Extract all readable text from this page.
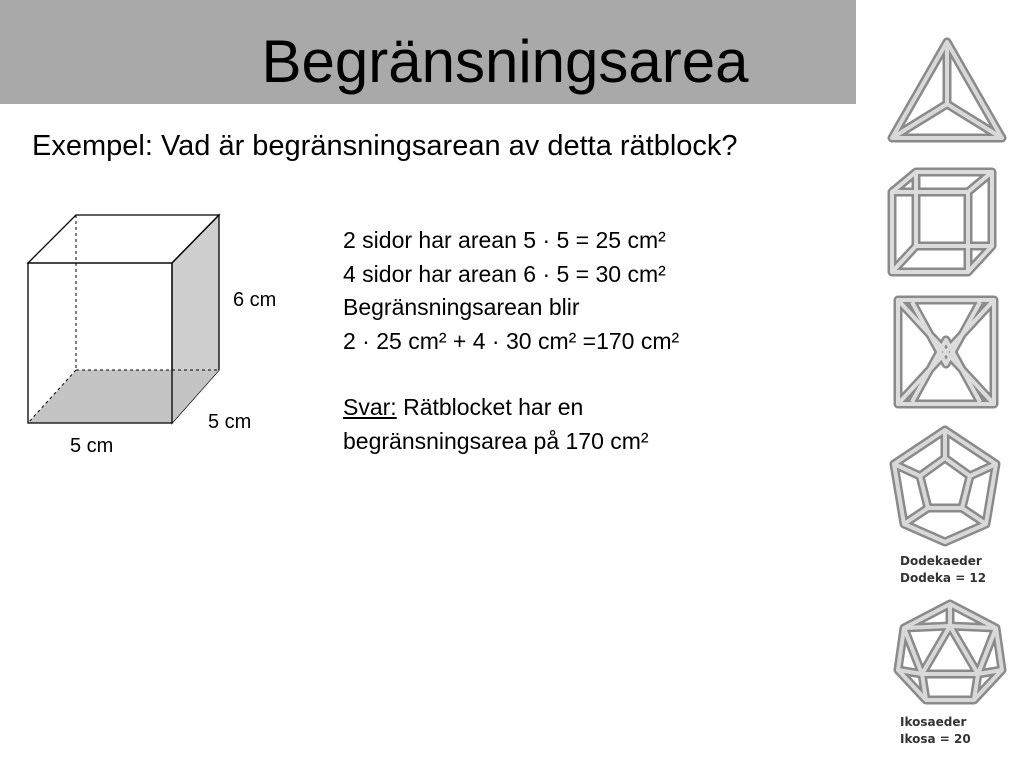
Begränsningsarea
Exempel: Vad är begränsningsarean av detta rätblock?
6 cm
5 cm
5 cm
2 sidor har arean 5 · 5 = 25 cm²
4 sidor har arean 6 · 5 = 30 cm²
Begränsningsarean blir
2 · 25 cm² + 4 · 30 cm² =170 cm²
Svar: Rätblocket har en
begränsningsarea på 170 cm²
Dodekaeder
Dodeka = 12
Ikosaeder
Ikosa = 20
